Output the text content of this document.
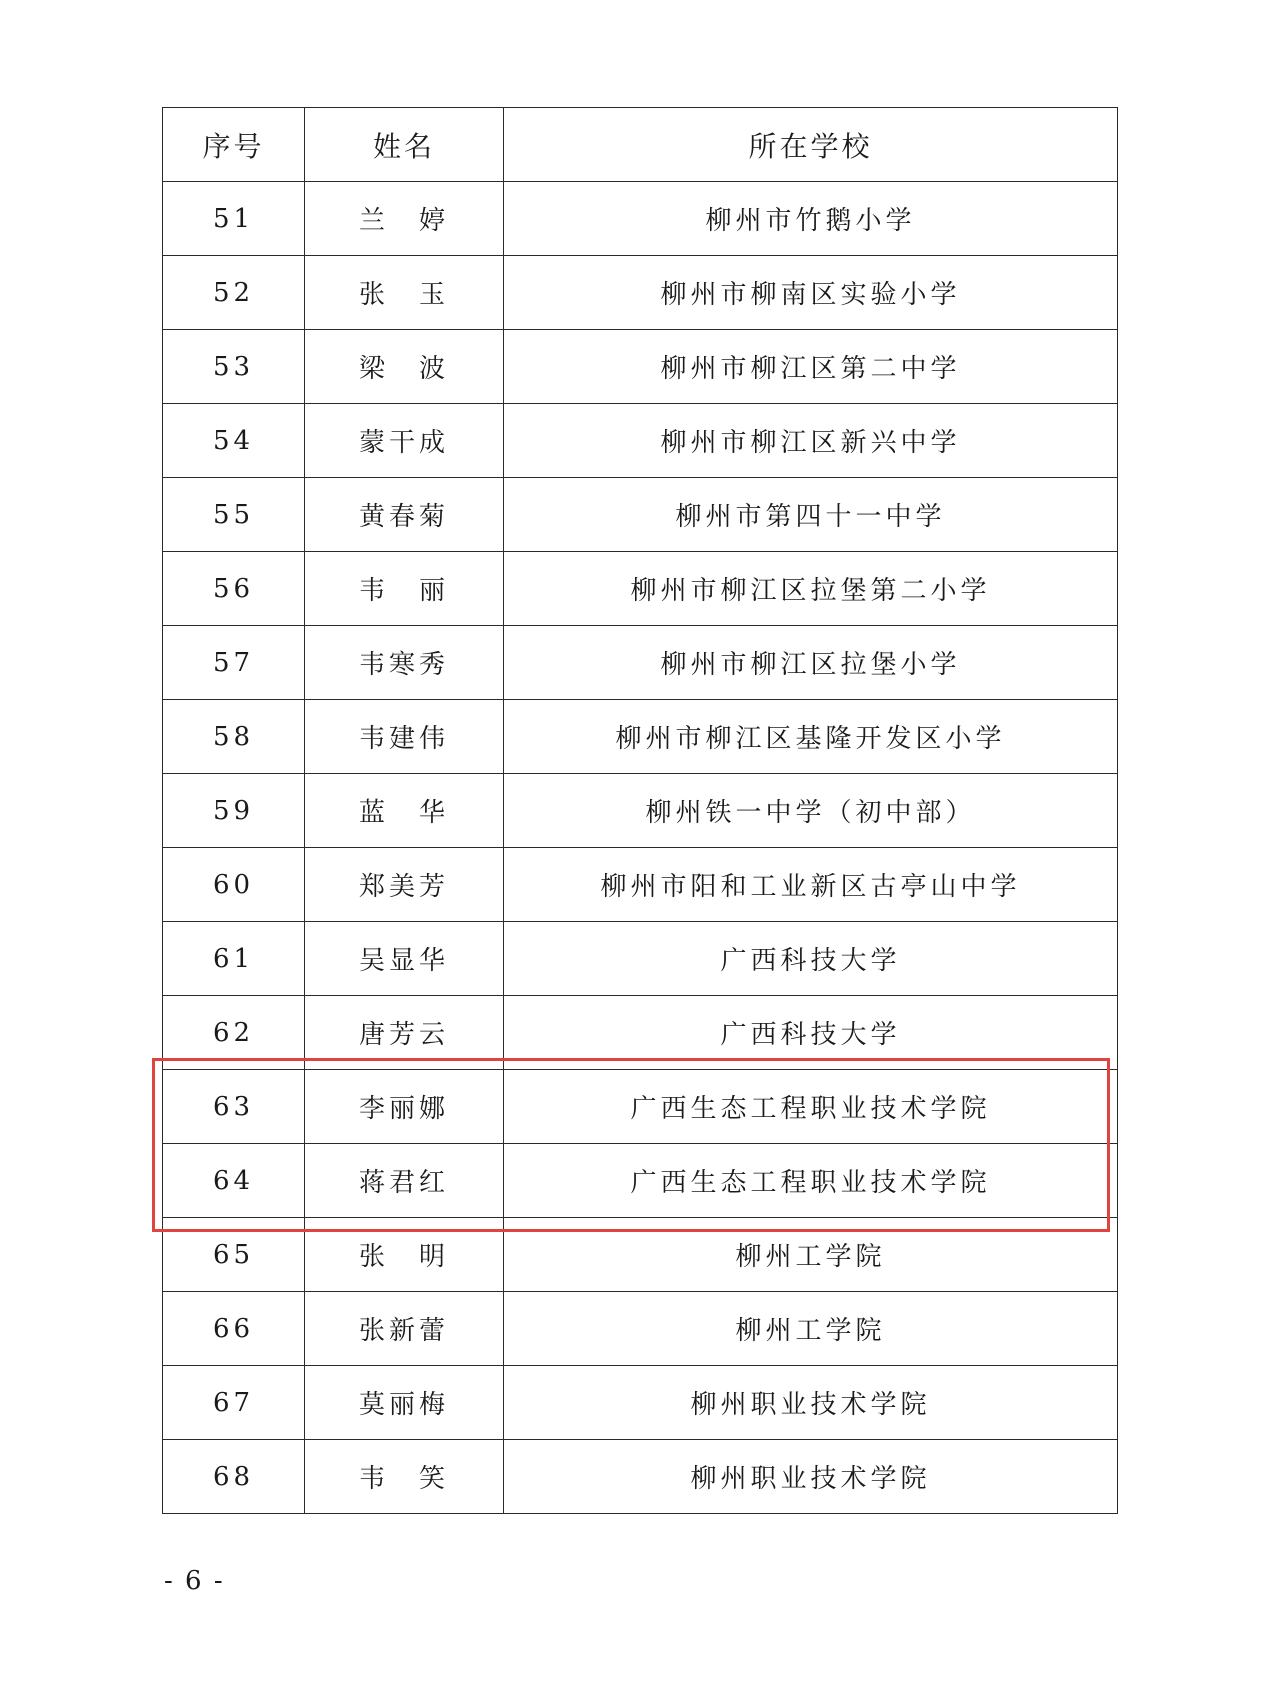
序号	姓名	所在学校
51	兰　婷	柳州市竹鹅小学
52	张　玉	柳州市柳南区实验小学
53	梁　波	柳州市柳江区第二中学
54	蒙干成	柳州市柳江区新兴中学
55	黄春菊	柳州市第四十一中学
56	韦　丽	柳州市柳江区拉堡第二小学
57	韦寒秀	柳州市柳江区拉堡小学
58	韦建伟	柳州市柳江区基隆开发区小学
59	蓝　华	柳州铁一中学（初中部）
60	郑美芳	柳州市阳和工业新区古亭山中学
61	吴显华	广西科技大学
62	唐芳云	广西科技大学
63	李丽娜	广西生态工程职业技术学院
64	蒋君红	广西生态工程职业技术学院
65	张　明	柳州工学院
66	张新蕾	柳州工学院
67	莫丽梅	柳州职业技术学院
68	韦　笑	柳州职业技术学院
- 6 -
